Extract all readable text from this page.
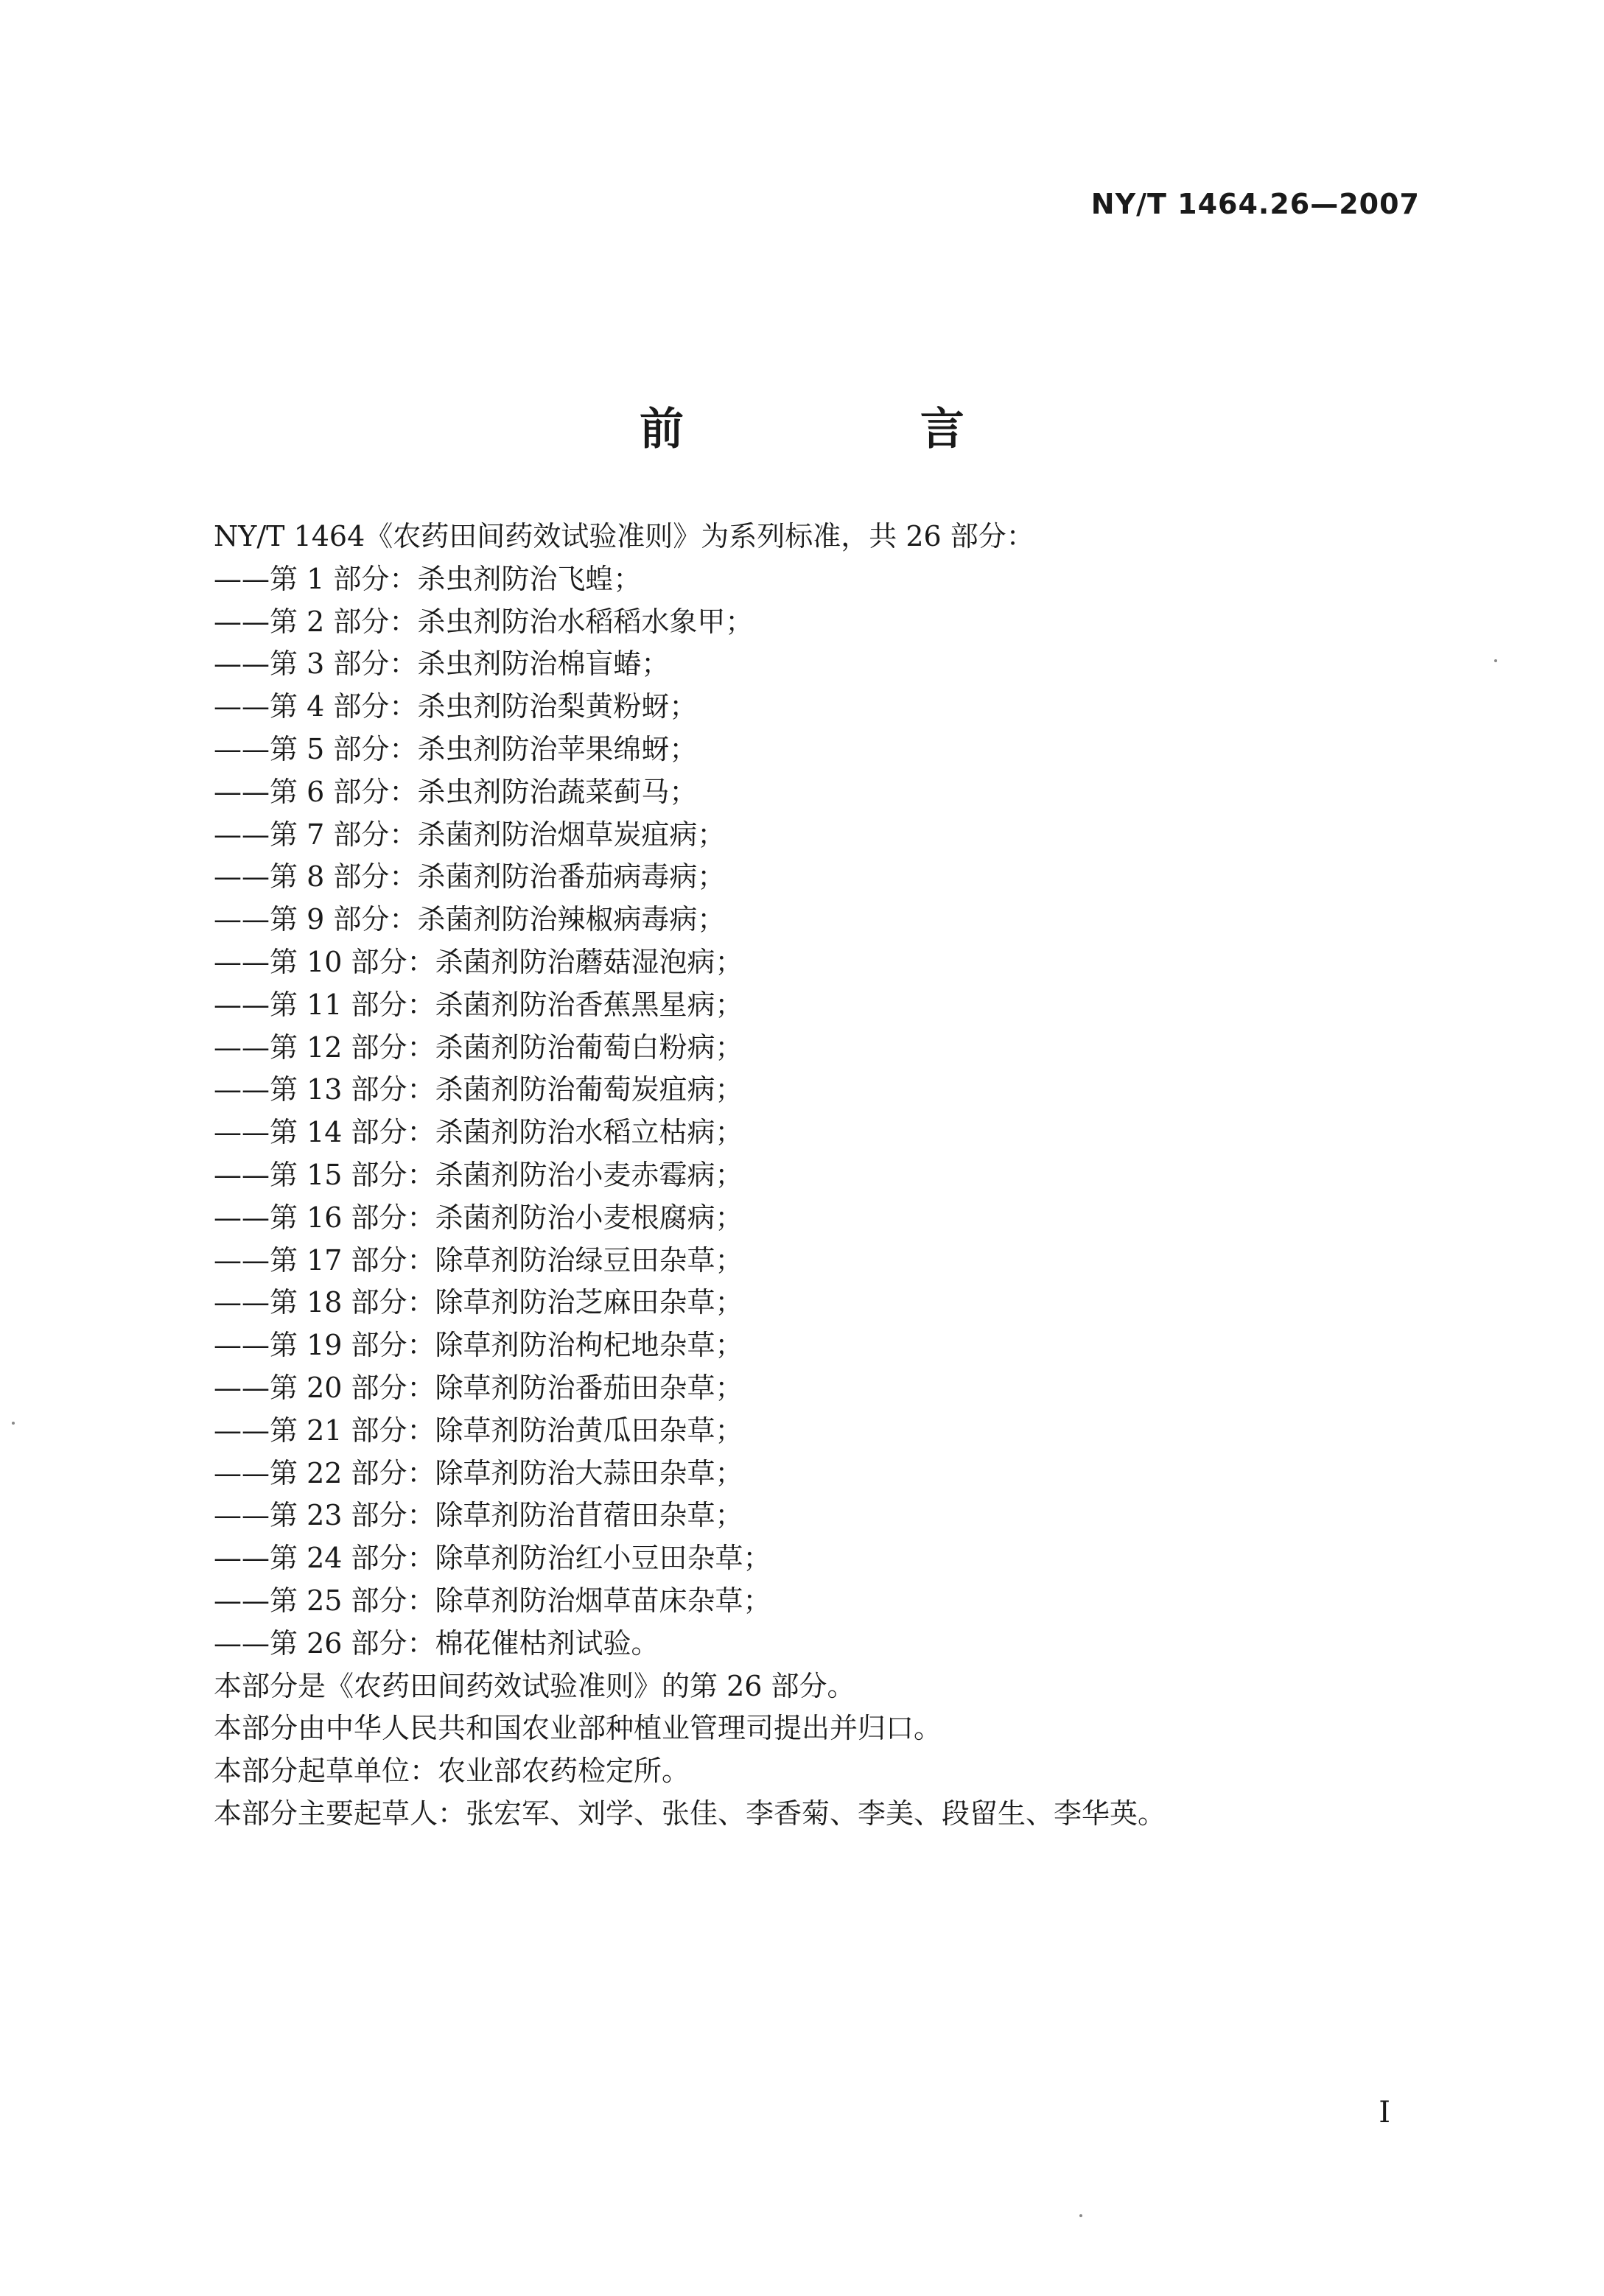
NY/T 1464.26—2007
前 言
NY/T 1464《农药田间药效试验准则》为系列标准，共 26 部分：
——第 1 部分：杀虫剂防治飞蝗；
——第 2 部分：杀虫剂防治水稻稻水象甲；
——第 3 部分：杀虫剂防治棉盲蝽；
——第 4 部分：杀虫剂防治梨黄粉蚜；
——第 5 部分：杀虫剂防治苹果绵蚜；
——第 6 部分：杀虫剂防治蔬菜蓟马；
——第 7 部分：杀菌剂防治烟草炭疽病；
——第 8 部分：杀菌剂防治番茄病毒病；
——第 9 部分：杀菌剂防治辣椒病毒病；
——第 10 部分：杀菌剂防治蘑菇湿泡病；
——第 11 部分：杀菌剂防治香蕉黑星病；
——第 12 部分：杀菌剂防治葡萄白粉病；
——第 13 部分：杀菌剂防治葡萄炭疽病；
——第 14 部分：杀菌剂防治水稻立枯病；
——第 15 部分：杀菌剂防治小麦赤霉病；
——第 16 部分：杀菌剂防治小麦根腐病；
——第 17 部分：除草剂防治绿豆田杂草；
——第 18 部分：除草剂防治芝麻田杂草；
——第 19 部分：除草剂防治枸杞地杂草；
——第 20 部分：除草剂防治番茄田杂草；
——第 21 部分：除草剂防治黄瓜田杂草；
——第 22 部分：除草剂防治大蒜田杂草；
——第 23 部分：除草剂防治苜蓿田杂草；
——第 24 部分：除草剂防治红小豆田杂草；
——第 25 部分：除草剂防治烟草苗床杂草；
——第 26 部分：棉花催枯剂试验。
本部分是《农药田间药效试验准则》的第 26 部分。
本部分由中华人民共和国农业部种植业管理司提出并归口。
本部分起草单位：农业部农药检定所。
本部分主要起草人：张宏军、刘学、张佳、李香菊、李美、段留生、李华英。
I
